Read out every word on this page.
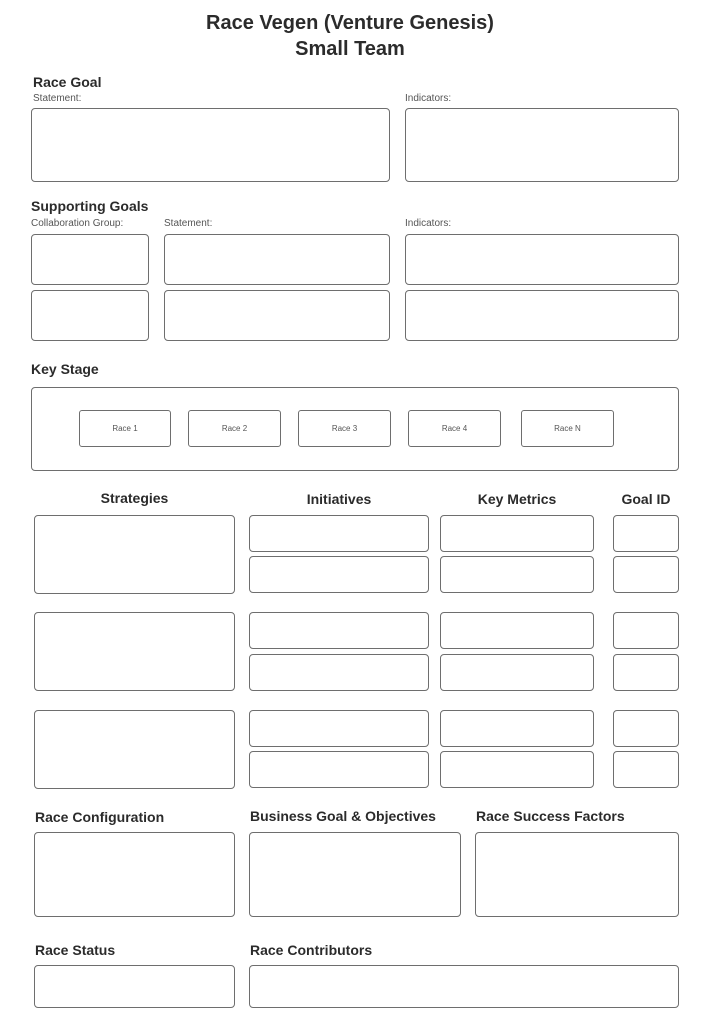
Race Vegen (Venture Genesis)
Small Team
Race Goal
Statement:	Indicators:
Supporting Goals
Collaboration Group:	Statement:	Indicators:
Key Stage
Race 1	Race 2	Race 3	Race 4	Race N
Strategies	Initiatives	Key Metrics	Goal ID
Race Configuration	Business Goal & Objectives	Race Success Factors
Race Status	Race Contributors
